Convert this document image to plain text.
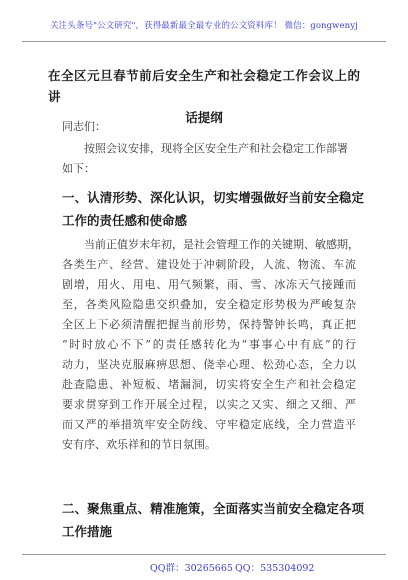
关注头条号"公文研究"，获得最新最全最专业的公文资料库！ 微信：gongwenyj
在全区元旦春节前后安全生产和社会稳定工作会议上的讲
话提纲
同志们：
按照会议安排，现将全区安全生产和社会稳定工作部署
如下：
一、认清形势、深化认识，切实增强做好当前安全稳定
工作的责任感和使命感
当前正值岁末年初，是社会管理工作的关键期、敏感期，
各类生产、经营、建设处于冲刺阶段，人流、物流、车流
剧增，用火、用电、用气频繁，雨、雪、冰冻天气接踵而
至，各类风险隐患交织叠加，安全稳定形势极为严峻复杂
全区上下必须清醒把握当前形势，保持警钟长鸣，真正把
“时时放心不下”的责任感转化为“事事心中有底”的行
动力，坚决克服麻痹思想、侥幸心理、松劲心态，全力以
赴查隐患、补短板、堵漏洞，切实将安全生产和社会稳定
要求贯穿到工作开展全过程，以实之又实、细之又细、严
而又严的举措筑牢安全防线、守牢稳定底线，全力营造平
安有序、欢乐祥和的节日氛围。
二、聚焦重点、精准施策，全面落实当前安全稳定各项
工作措施
QQ群：30265665 QQ：535304092
